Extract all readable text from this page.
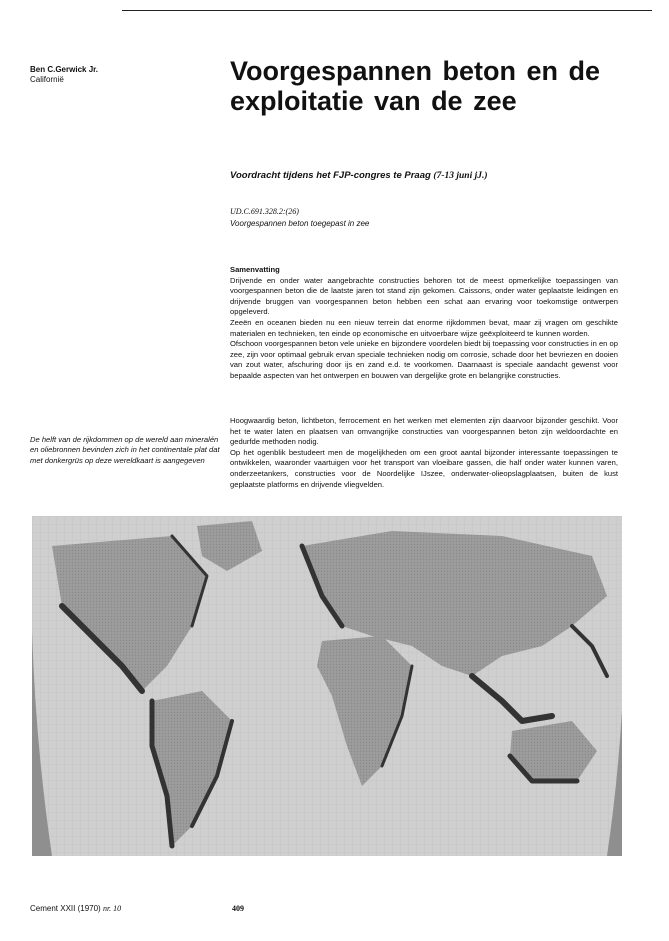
Ben C.Gerwick Jr.
Californië	Voorgespannen beton en de exploitatie van de zee
Voordracht tijdens het FJP-congres te Praag (7-13 juni jJ.)
UD.C.691.328.2:(26)
Voorgespannen beton toegepast in zee
Samenvatting

Drijvende en onder water aangebrachte constructies behoren tot de meest opmerkelijke toepassingen van voorgespannen beton die de laatste jaren tot stand zijn gekomen. Caissons, onder water geplaatste leidingen en drijvende bruggen van voorgespannen beton hebben een schat aan ervaring voor toekomstige ontwerpen opgeleverd.

Zeeën en oceanen bieden nu een nieuw terrein dat enorme rijkdommen bevat, maar zij vragen om geschikte materialen en technieken, ten einde op economische en uitvoerbare wijze geëxploiteerd te kunnen worden.

Ofschoon voorgespannen beton vele unieke en bijzondere voordelen biedt bij toepassing voor constructies in en op zee, zijn voor optimaal gebruik ervan speciale technieken nodig om corrosie, schade door het bevriezen en dooien van zout water, afschuring door ijs en zand e.d. te voorkomen. Daarnaast is speciale aandacht gewenst voor bepaalde aspecten van het ontwerpen en bouwen van dergelijke grote en belangrijke constructies.

Hoogwaardig beton, lichtbeton, ferrocement en het werken met elementen zijn daarvoor bijzonder geschikt. Voor het te water laten en plaatsen van omvangrijke constructies van voorgespannen beton zijn weldoordachte en gedurfde methoden nodig.

Op het ogenblik bestudeert men de mogelijkheden om een groot aantal bijzonder interessante toepassingen te ontwikkelen, waaronder vaartuigen voor het transport van vloeibare gassen, die half onder water kunnen varen, onderzeetankers, constructies voor de Noordelijke IJszee, onderwater-olieopslagplaatsen, buiten de kust geplaatste platforms en drijvende vliegvelden.

De helft van de rijkdommen op de wereld aan mineralén en oliebronnen bevinden zich in het continentale plat dat met donkergrüs op deze wereldkaart is aangegeven
Cement XXII (1970) nr. 10	409
